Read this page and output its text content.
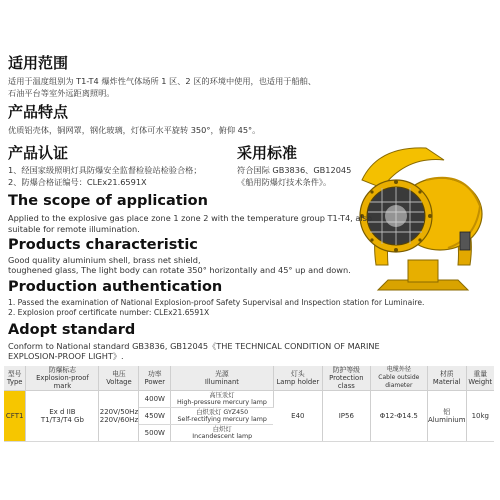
适用范围

适用于温度组别为 T1-T4 爆炸性气体场所 1 区、2 区的环境中使用，也适用于船舶、

石油平台等室外远距离照明。

产品特点

优质铝壳体，铜网罩，钢化玻璃，灯体可水平旋转 350°，俯仰 45°。

产品认证

1、经国家级照明灯具防爆安全监督检验站检验合格；

2、防爆合格证编号：CLEx21.6591X

采用标准

符合国际 GB3836、GB12045

《船用防爆灯技术条件》。

The scope of application

Applied to the explosive gas place zone 1 zone 2 with the temperature group T1-T4, also

suitable for remote illumination.

Products characteristic

Good quality aluminium shell, brass net shield,

toughened glass, The light body can rotate 350° horizontally and 45° up and down.

Production authentication

1. Passed the examination of National Explosion-proof Safety Supervisal and Inspection station for Luminaire.

2. Explosion proof certificate number: CLEx21.6591X

Adopt standard

Conform to National standard GB3836, GB12045《THE TECHNICAL CONDITION OF MARINE

EXPLOSION-PROOF LIGHT》.

型号
Type	防爆标志
Explosion-proof mark	电压
Voltage	功率
Power	光源
Illuminant	灯头
Lamp holder	防护等级
Protection class	电缆外径
Cable outside diameter	材质
Material	重量
Weight
CFT1	Ex d IIB
T1/T3/T4 Gb	220V/50Hz
220V/60Hz	400W	高压汞灯
High-pressure mercury lamp	E40	IP56	Φ12-Φ14.5	铝
Aluminium	10kg
			450W	白炽汞灯 GYZ450
Self-rectifying mercury lamp					
			500W	白炽灯
Incandescent lamp					
